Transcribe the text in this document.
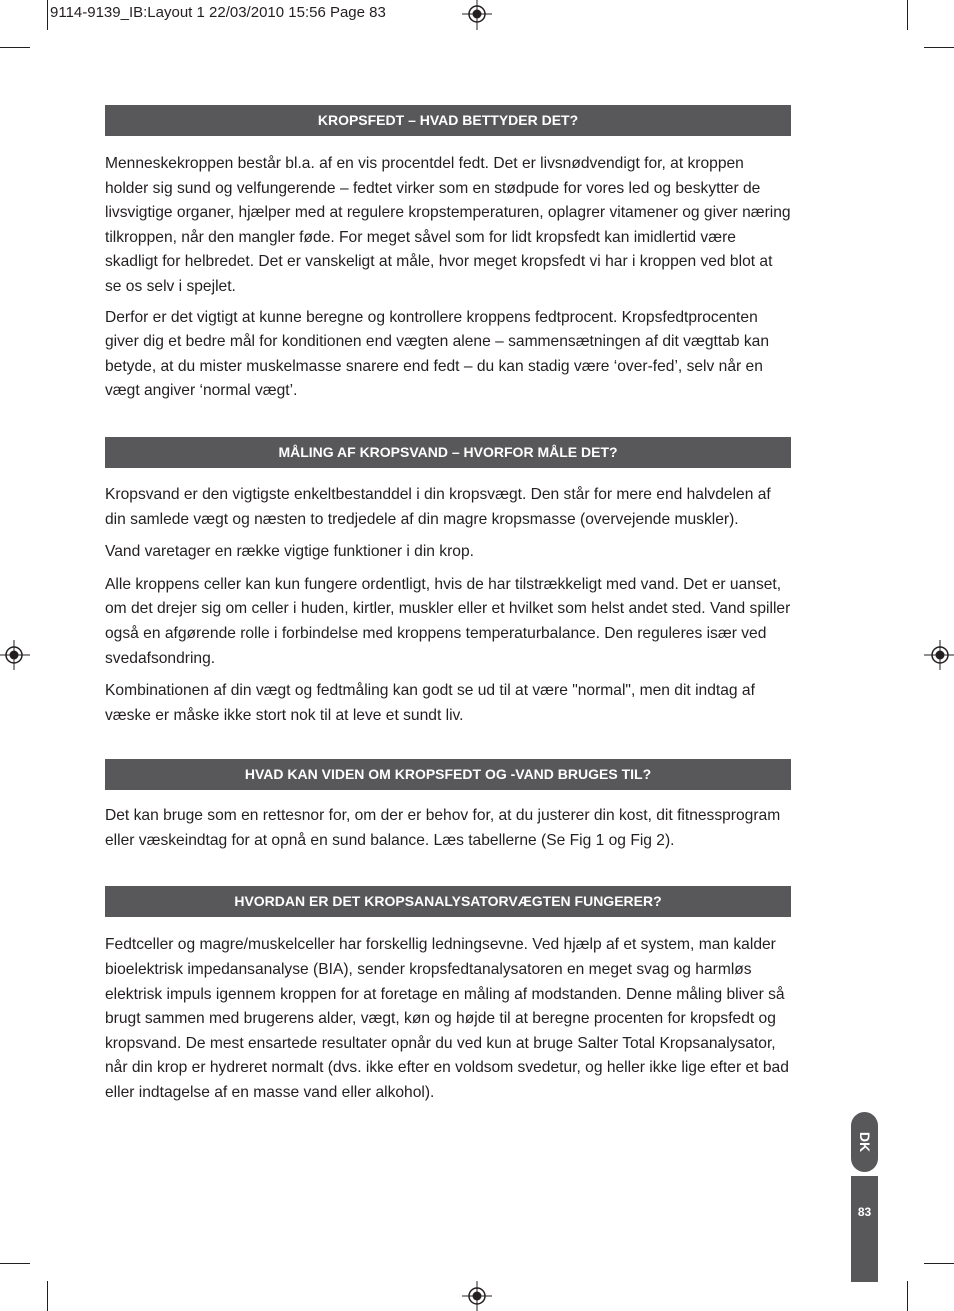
9114-9139_IB:Layout 1 22/03/2010 15:56 Page 83
KROPSFEDT – HVAD BETTYDER DET?

Menneskekroppen består bl.a. af en vis procentdel fedt. Det er livsnødvendigt for, at kroppen holder sig sund og velfungerende – fedtet virker som en stødpude for vores led og beskytter de livsvigtige organer, hjælper med at regulere kropstemperaturen, oplagrer vitamener og giver næring tilkroppen, når den mangler føde. For meget såvel som for lidt kropsfedt kan imidlertid være skadligt for helbredet. Det er vanskeligt at måle, hvor meget kropsfedt vi har i kroppen ved blot at se os selv i spejlet.

Derfor er det vigtigt at kunne beregne og kontrollere kroppens fedtprocent. Kropsfedtprocenten giver dig et bedre mål for konditionen end vægten alene – sammensætningen af dit vægttab kan betyde, at du mister muskelmasse snarere end fedt – du kan stadig være ‘over-fed’, selv når en vægt angiver ‘normal vægt’.

MÅLING AF KROPSVAND – HVORFOR MÅLE DET?

Kropsvand er den vigtigste enkeltbestanddel i din kropsvægt. Den står for mere end halvdelen af din samlede vægt og næsten to tredjedele af din magre kropsmasse (overvejende muskler).

Vand varetager en række vigtige funktioner i din krop.

Alle kroppens celler kan kun fungere ordentligt, hvis de har tilstrækkeligt med vand. Det er uanset, om det drejer sig om celler i huden, kirtler, muskler eller et hvilket som helst andet sted. Vand spiller også en afgørende rolle i forbindelse med kroppens temperaturbalance. Den reguleres især ved svedafsondring.

Kombinationen af din vægt og fedtmåling kan godt se ud til at være "normal", men dit indtag af væske er måske ikke stort nok til at leve et sundt liv.

HVAD KAN VIDEN OM KROPSFEDT OG -VAND BRUGES TIL?

Det kan bruge som en rettesnor for, om der er behov for, at du justerer din kost, dit fitnessprogram eller væskeindtag for at opnå en sund balance. Læs tabellerne (Se Fig 1 og Fig 2).

HVORDAN ER DET KROPSANALYSATORVÆGTEN FUNGERER?

Fedtceller og magre/muskelceller har forskellig ledningsevne. Ved hjælp af et system, man kalder bioelektrisk impedansanalyse (BIA), sender kropsfedtanalysatoren en meget svag og harmløs elektrisk impuls igennem kroppen for at foretage en måling af modstanden. Denne måling bliver så brugt sammen med brugerens alder, vægt, køn og højde til at beregne procenten for kropsfedt og kropsvand. De mest ensartede resultater opnår du ved kun at bruge Salter Total Kropsanalysator, når din krop er hydreret normalt (dvs. ikke efter en voldsom svedetur, og heller ikke lige efter et bad eller indtagelse af en masse vand eller alkohol).

DK
83
